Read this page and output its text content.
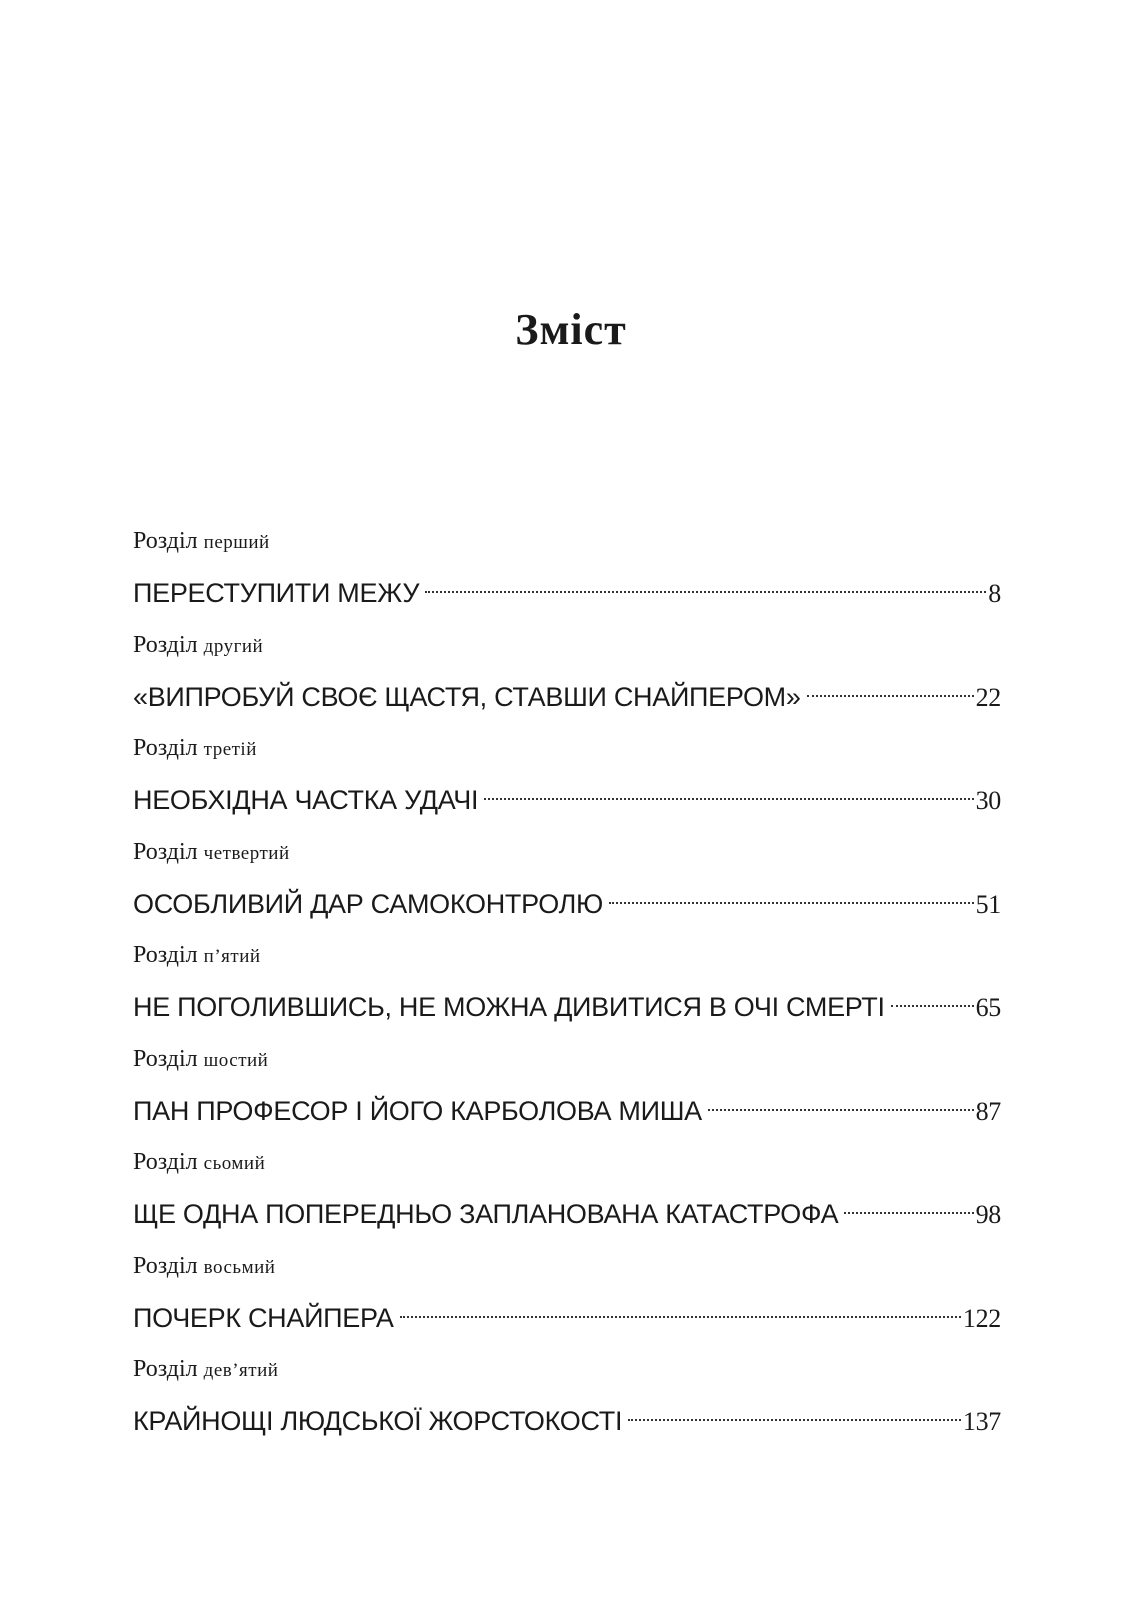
Зміст
Розділ перший
ПЕРЕСТУПИТИ МЕЖУ	8
Розділ другий
«ВИПРОБУЙ СВОЄ ЩАСТЯ, СТАВШИ СНАЙПЕРОМ»	22
Розділ третій
НЕОБХІДНА ЧАСТКА УДАЧІ	30
Розділ четвертий
ОСОБЛИВИЙ ДАР САМОКОНТРОЛЮ	51
Розділ п’ятий
НЕ ПОГОЛИВШИСЬ, НЕ МОЖНА ДИВИТИСЯ В ОЧІ СМЕРТІ	65
Розділ шостий
ПАН ПРОФЕСОР І ЙОГО КАРБОЛОВА МИША	87
Розділ сьомий
ЩЕ ОДНА ПОПЕРЕДНЬО ЗАПЛАНОВАНА КАТАСТРОФА	98
Розділ восьмий
ПОЧЕРК СНАЙПЕРА	122
Розділ дев’ятий
КРАЙНОЩІ ЛЮДСЬКОЇ ЖОРСТОКОСТІ	137
